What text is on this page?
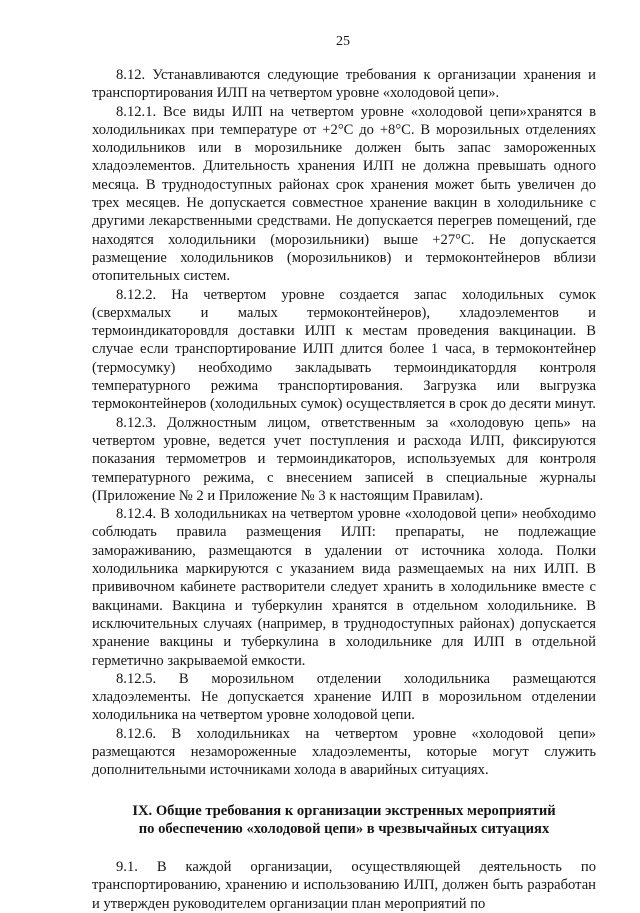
25

8.12. Устанавливаются следующие требования к организации хранения и транспортирования ИЛП на четвертом уровне «холодовой цепи».

8.12.1. Все виды ИЛП на четвертом уровне «холодовой цепи»хранятся в холодильниках при температуре от +2°С до +8°С. В морозильных отделениях холодильников или в морозильнике должен быть запас замороженных хладоэлементов. Длительность хранения ИЛП не должна превышать одного месяца. В труднодоступных районах срок хранения может быть увеличен до трех месяцев. Не допускается совместное хранение вакцин в холодильнике с другими лекарственными средствами. Не допускается перегрев помещений, где находятся холодильники (морозильники) выше +27°С. Не допускается размещение холодильников (морозильников) и термоконтейнеров вблизи отопительных систем.

8.12.2. На четвертом уровне создается запас холодильных сумок (сверхмалых и малых термоконтейнеров), хладоэлементов и термоиндикаторовдля доставки ИЛП к местам проведения вакцинации. В случае если транспортирование ИЛП длится более 1 часа, в термоконтейнер (термосумку) необходимо закладывать термоиндикатордля контроля температурного режима транспортирования. Загрузка или выгрузка термоконтейнеров (холодильных сумок) осуществляется в срок до десяти минут.

8.12.3. Должностным лицом, ответственным за «холодовую цепь» на четвертом уровне, ведется учет поступления и расхода ИЛП, фиксируются показания термометров и термоиндикаторов, используемых для контроля температурного режима, с внесением записей в специальные журналы (Приложение № 2 и Приложение № 3 к настоящим Правилам).

8.12.4. В холодильниках на четвертом уровне «холодовой цепи» необходимо соблюдать правила размещения ИЛП: препараты, не подлежащие замораживанию, размещаются в удалении от источника холода. Полки холодильника маркируются с указанием вида размещаемых на них ИЛП. В прививочном кабинете растворители следует хранить в холодильнике вместе с вакцинами. Вакцина и туберкулин хранятся в отдельном холодильнике. В исключительных случаях (например, в труднодоступных районах) допускается хранение вакцины и туберкулина в холодильнике для ИЛП в отдельной герметично закрываемой емкости.

8.12.5. В морозильном отделении холодильника размещаются хладоэлементы. Не допускается хранение ИЛП в морозильном отделении холодильника на четвертом уровне холодовой цепи.

8.12.6. В холодильниках на четвертом уровне «холодовой цепи» размещаются незамороженные хладоэлементы, которые могут служить дополнительными источниками холода в аварийных ситуациях.

IX. Общие требования к организации экстренных мероприятий
по обеспечению «холодовой цепи» в чрезвычайных ситуациях

9.1. В каждой организации, осуществляющей деятельность по транспортированию, хранению и использованию ИЛП, должен быть разработан и утвержден руководителем организации план мероприятий по
